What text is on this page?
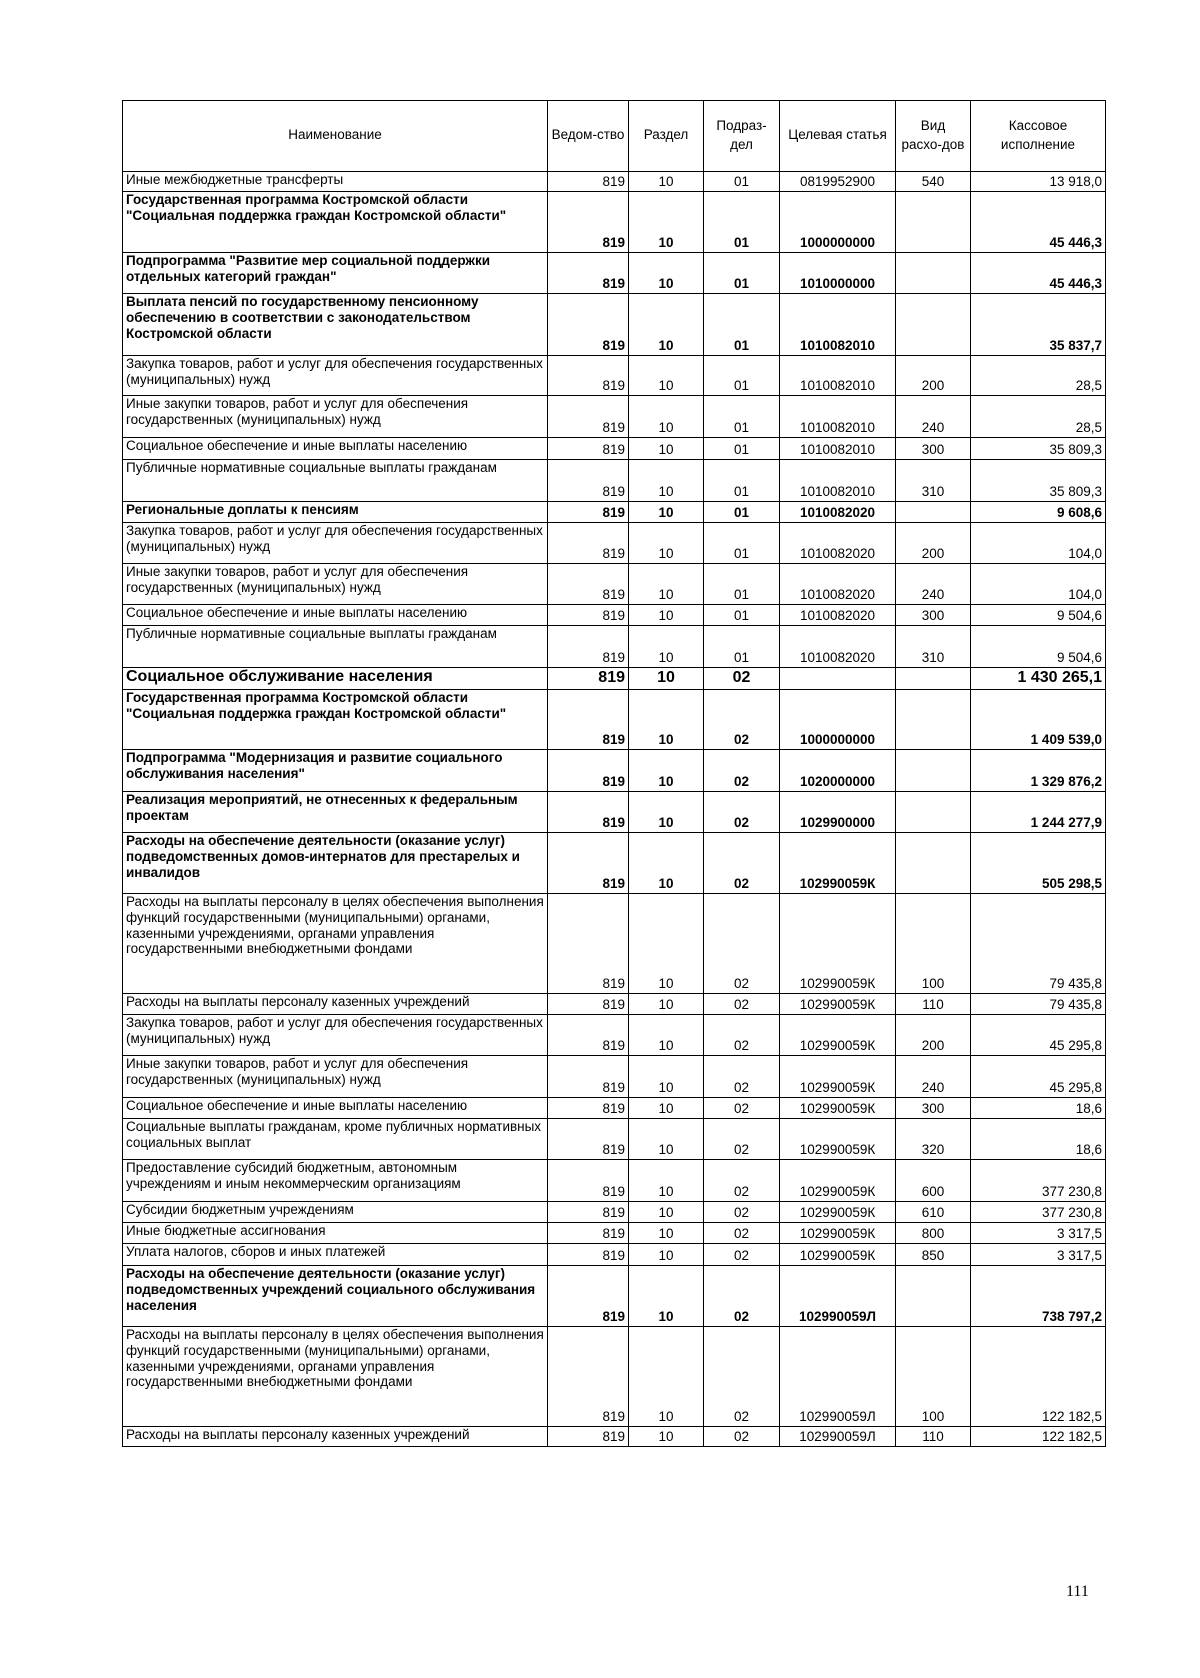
Наименование	Ведом-ство	Раздел	Подраз-дел	Целевая статья	Вид расхо-дов	Кассовое исполнение
Иные межбюджетные трансферты	819	10	01	0819952900	540	13 918,0
Государственная программа Костромской области "Социальная поддержка граждан Костромской области"	819	10	01	1000000000		45 446,3
Подпрограмма "Развитие мер социальной поддержки отдельных категорий граждан"	819	10	01	1010000000		45 446,3
Выплата пенсий по государственному пенсионному обеспечению в соответствии с законодательством Костромской области	819	10	01	1010082010		35 837,7
Закупка товаров, работ и услуг для обеспечения государственных (муниципальных) нужд	819	10	01	1010082010	200	28,5
Иные закупки товаров, работ и услуг для обеспечения государственных (муниципальных) нужд	819	10	01	1010082010	240	28,5
Социальное обеспечение и иные выплаты населению	819	10	01	1010082010	300	35 809,3
Публичные нормативные социальные выплаты гражданам	819	10	01	1010082010	310	35 809,3
Региональные доплаты к пенсиям	819	10	01	1010082020		9 608,6
Закупка товаров, работ и услуг для обеспечения государственных (муниципальных) нужд	819	10	01	1010082020	200	104,0
Иные закупки товаров, работ и услуг для обеспечения государственных (муниципальных) нужд	819	10	01	1010082020	240	104,0
Социальное обеспечение и иные выплаты населению	819	10	01	1010082020	300	9 504,6
Публичные нормативные социальные выплаты гражданам	819	10	01	1010082020	310	9 504,6
Социальное обслуживание населения	819	10	02			1 430 265,1
Государственная программа Костромской области "Социальная поддержка граждан Костромской области"	819	10	02	1000000000		1 409 539,0
Подпрограмма "Модернизация и развитие социального обслуживания населения"	819	10	02	1020000000		1 329 876,2
Реализация мероприятий, не отнесенных к федеральным проектам	819	10	02	1029900000		1 244 277,9
Расходы на обеспечение деятельности (оказание услуг) подведомственных домов-интернатов для престарелых и инвалидов	819	10	02	102990059К		505 298,5
Расходы на выплаты персоналу в целях обеспечения выполнения функций государственными (муниципальными) органами, казенными учреждениями, органами управления государственными внебюджетными фондами	819	10	02	102990059К	100	79 435,8
Расходы на выплаты персоналу казенных учреждений	819	10	02	102990059К	110	79 435,8
Закупка товаров, работ и услуг для обеспечения государственных (муниципальных) нужд	819	10	02	102990059К	200	45 295,8
Иные закупки товаров, работ и услуг для обеспечения государственных (муниципальных) нужд	819	10	02	102990059К	240	45 295,8
Социальное обеспечение и иные выплаты населению	819	10	02	102990059К	300	18,6
Социальные выплаты гражданам, кроме публичных нормативных социальных выплат	819	10	02	102990059К	320	18,6
Предоставление субсидий бюджетным, автономным учреждениям и иным некоммерческим организациям	819	10	02	102990059К	600	377 230,8
Субсидии бюджетным учреждениям	819	10	02	102990059К	610	377 230,8
Иные бюджетные ассигнования	819	10	02	102990059К	800	3 317,5
Уплата налогов, сборов и иных платежей	819	10	02	102990059К	850	3 317,5
Расходы на обеспечение деятельности (оказание услуг) подведомственных учреждений социального обслуживания населения	819	10	02	102990059Л		738 797,2
Расходы на выплаты персоналу в целях обеспечения выполнения функций государственными (муниципальными) органами, казенными учреждениями, органами управления государственными внебюджетными фондами	819	10	02	102990059Л	100	122 182,5
Расходы на выплаты персоналу казенных учреждений	819	10	02	102990059Л	110	122 182,5
111
